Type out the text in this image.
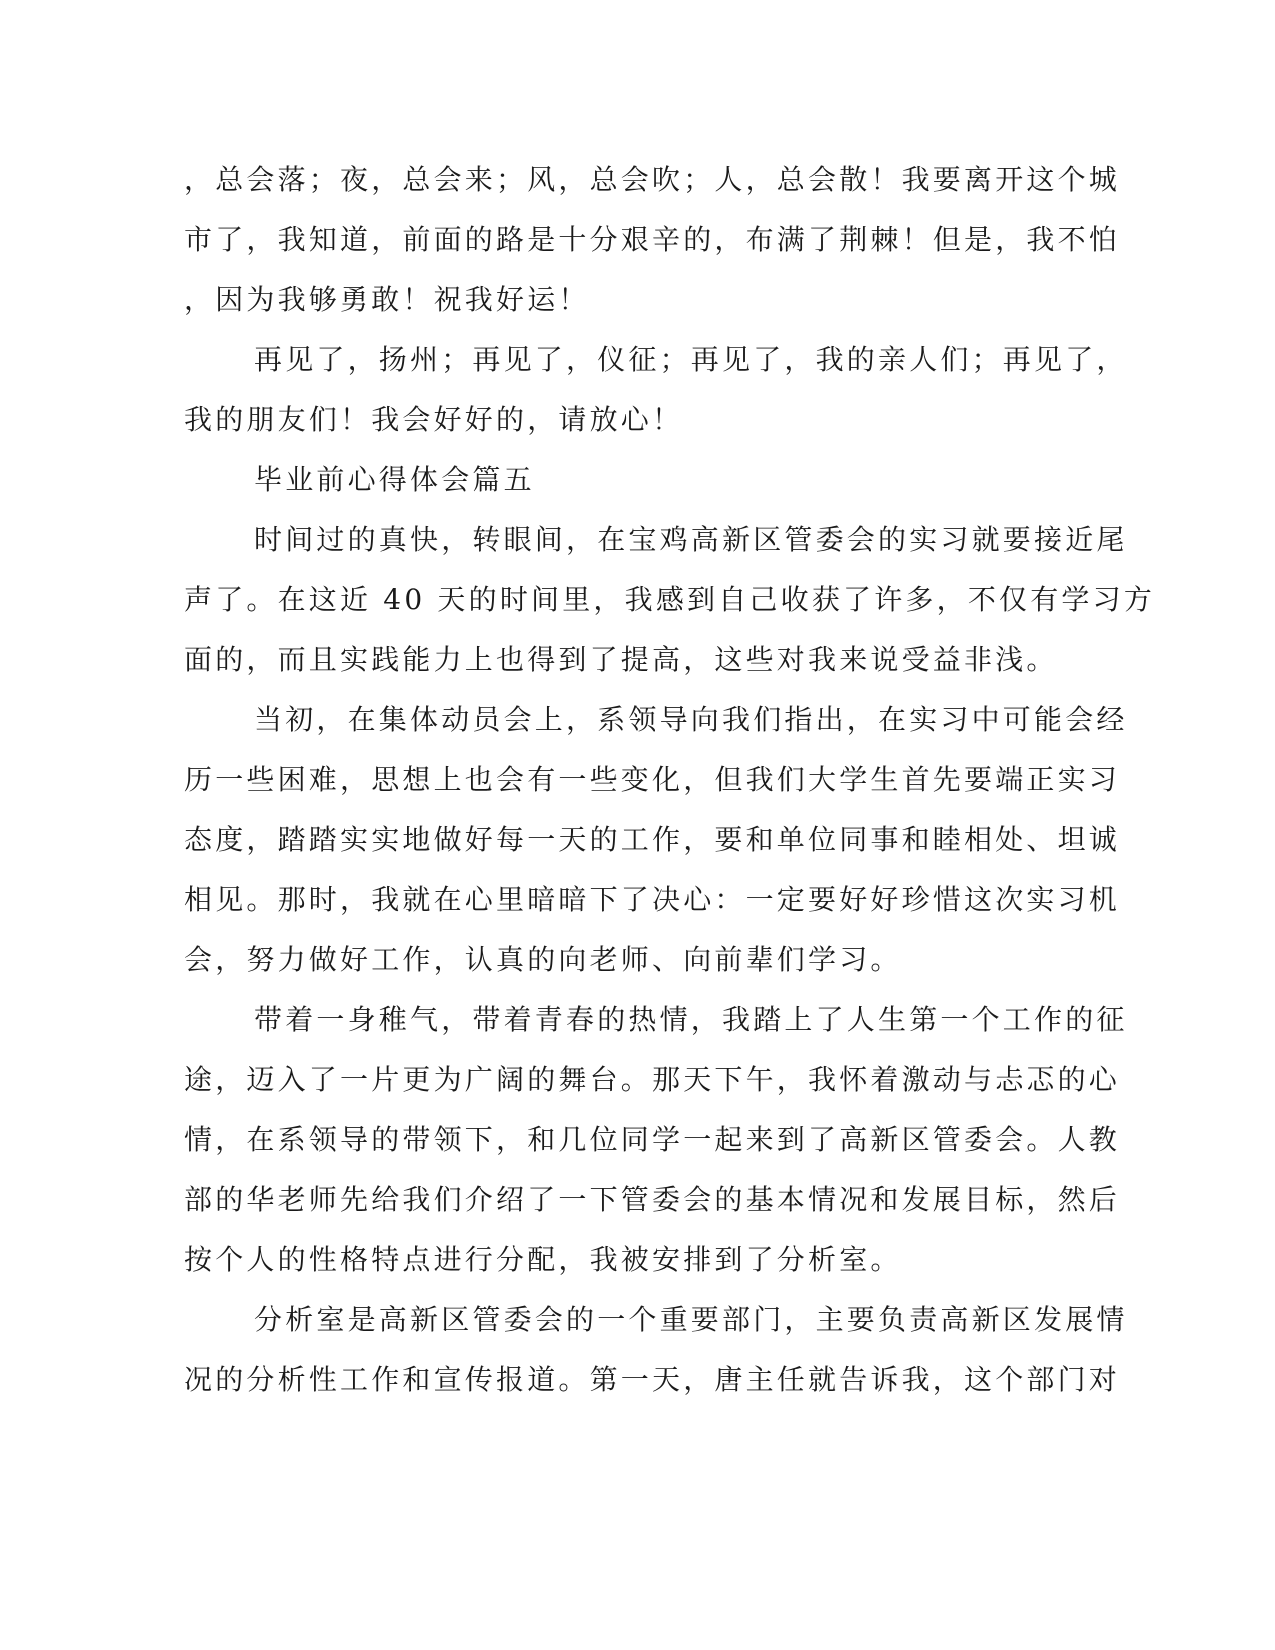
，总会落；夜，总会来；风，总会吹；人，总会散！我要离开这个城
市了，我知道，前面的路是十分艰辛的，布满了荆棘！但是，我不怕
，因为我够勇敢！祝我好运！
再见了，扬州；再见了，仪征；再见了，我的亲人们；再见了，
我的朋友们！我会好好的，请放心！
毕业前心得体会篇五
时间过的真快，转眼间，在宝鸡高新区管委会的实习就要接近尾
声了。在这近 40 天的时间里，我感到自己收获了许多，不仅有学习方
面的，而且实践能力上也得到了提高，这些对我来说受益非浅。
当初，在集体动员会上，系领导向我们指出，在实习中可能会经
历一些困难，思想上也会有一些变化，但我们大学生首先要端正实习
态度，踏踏实实地做好每一天的工作，要和单位同事和睦相处、坦诚
相见。那时，我就在心里暗暗下了决心：一定要好好珍惜这次实习机
会，努力做好工作，认真的向老师、向前辈们学习。
带着一身稚气，带着青春的热情，我踏上了人生第一个工作的征
途，迈入了一片更为广阔的舞台。那天下午，我怀着激动与忐忑的心
情，在系领导的带领下，和几位同学一起来到了高新区管委会。人教
部的华老师先给我们介绍了一下管委会的基本情况和发展目标，然后
按个人的性格特点进行分配，我被安排到了分析室。
分析室是高新区管委会的一个重要部门，主要负责高新区发展情
况的分析性工作和宣传报道。第一天，唐主任就告诉我，这个部门对
